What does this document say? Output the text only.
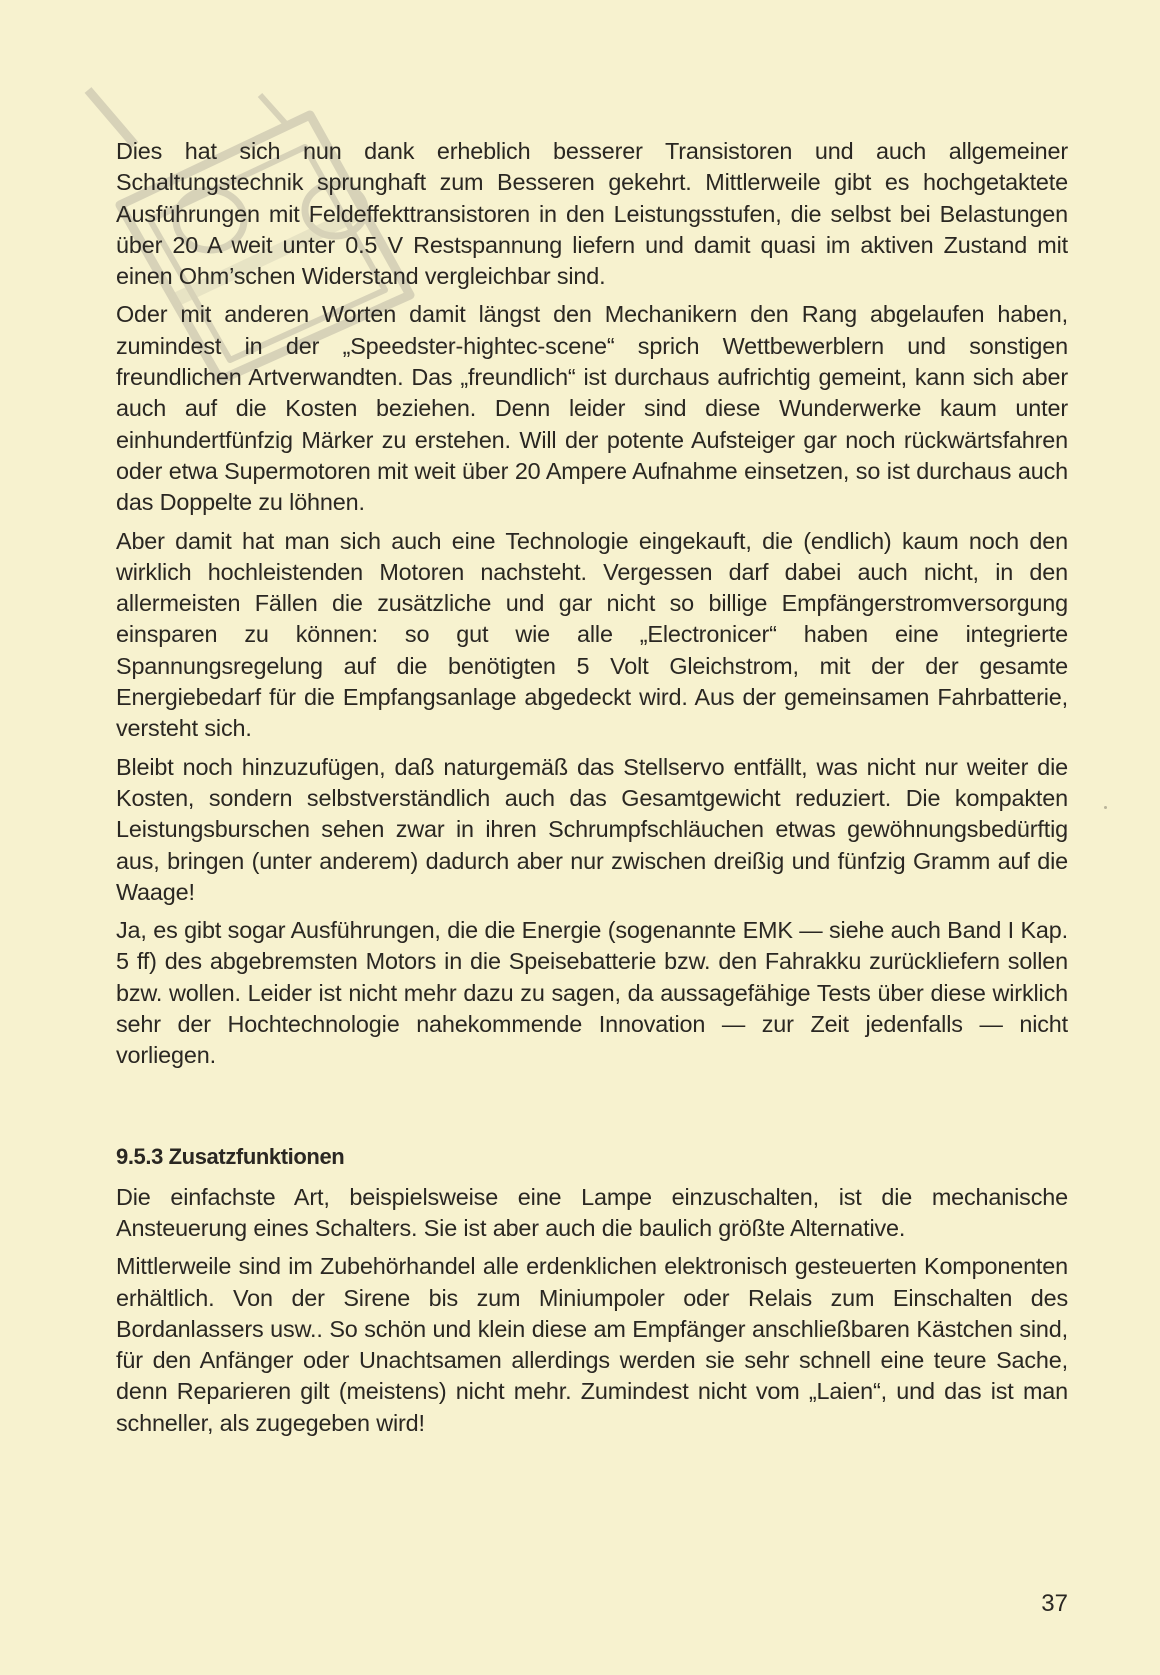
Dies hat sich nun dank erheblich besserer Transistoren und auch allgemeiner Schaltungstechnik sprunghaft zum Besseren gekehrt. Mittlerweile gibt es hochgetaktete Ausführungen mit Feldeffekttransistoren in den Leistungsstufen, die selbst bei Belastungen über 20 A weit unter 0.5 V Restspannung liefern und damit quasi im aktiven Zustand mit einen Ohm’schen Widerstand vergleichbar sind.

Oder mit anderen Worten damit längst den Mechanikern den Rang abgelaufen haben, zumindest in der „Speedster-hightec-scene“ sprich Wettbewerblern und sonstigen freundlichen Artverwandten. Das „freundlich“ ist durchaus aufrichtig gemeint, kann sich aber auch auf die Kosten beziehen. Denn leider sind diese Wunderwerke kaum unter einhundertfünfzig Märker zu erstehen. Will der potente Aufsteiger gar noch rückwärtsfahren oder etwa Supermotoren mit weit über 20 Ampere Aufnahme einsetzen, so ist durchaus auch das Doppelte zu löhnen.

Aber damit hat man sich auch eine Technologie eingekauft, die (endlich) kaum noch den wirklich hochleistenden Motoren nachsteht. Vergessen darf dabei auch nicht, in den allermeisten Fällen die zusätzliche und gar nicht so billige Empfängerstromversorgung einsparen zu können: so gut wie alle „Electronicer“ haben eine integrierte Spannungsregelung auf die benötigten 5 Volt Gleichstrom, mit der der gesamte Energiebedarf für die Empfangsanlage abgedeckt wird. Aus der gemeinsamen Fahrbatterie, versteht sich.

Bleibt noch hinzuzufügen, daß naturgemäß das Stellservo entfällt, was nicht nur weiter die Kosten, sondern selbstverständlich auch das Gesamtgewicht reduziert. Die kompakten Leistungsburschen sehen zwar in ihren Schrumpfschläuchen etwas gewöhnungsbedürftig aus, bringen (unter anderem) dadurch aber nur zwischen dreißig und fünfzig Gramm auf die Waage!

Ja, es gibt sogar Ausführungen, die die Energie (sogenannte EMK — siehe auch Band I Kap. 5 ff) des abgebremsten Motors in die Speisebatterie bzw. den Fahrakku zurückliefern sollen bzw. wollen. Leider ist nicht mehr dazu zu sagen, da aussagefähige Tests über diese wirklich sehr der Hochtechnologie nahekommende Innovation — zur Zeit jedenfalls — nicht vorliegen.

9.5.3 Zusatzfunktionen

Die einfachste Art, beispielsweise eine Lampe einzuschalten, ist die mechanische Ansteuerung eines Schalters. Sie ist aber auch die baulich größte Alternative.

Mittlerweile sind im Zubehörhandel alle erdenklichen elektronisch gesteuerten Komponenten erhältlich. Von der Sirene bis zum Miniumpoler oder Relais zum Einschalten des Bordanlassers usw.. So schön und klein diese am Empfänger anschließbaren Kästchen sind, für den Anfänger oder Unachtsamen allerdings werden sie sehr schnell eine teure Sache, denn Reparieren gilt (meistens) nicht mehr. Zumindest nicht vom „Laien“, und das ist man schneller, als zugegeben wird!

37
